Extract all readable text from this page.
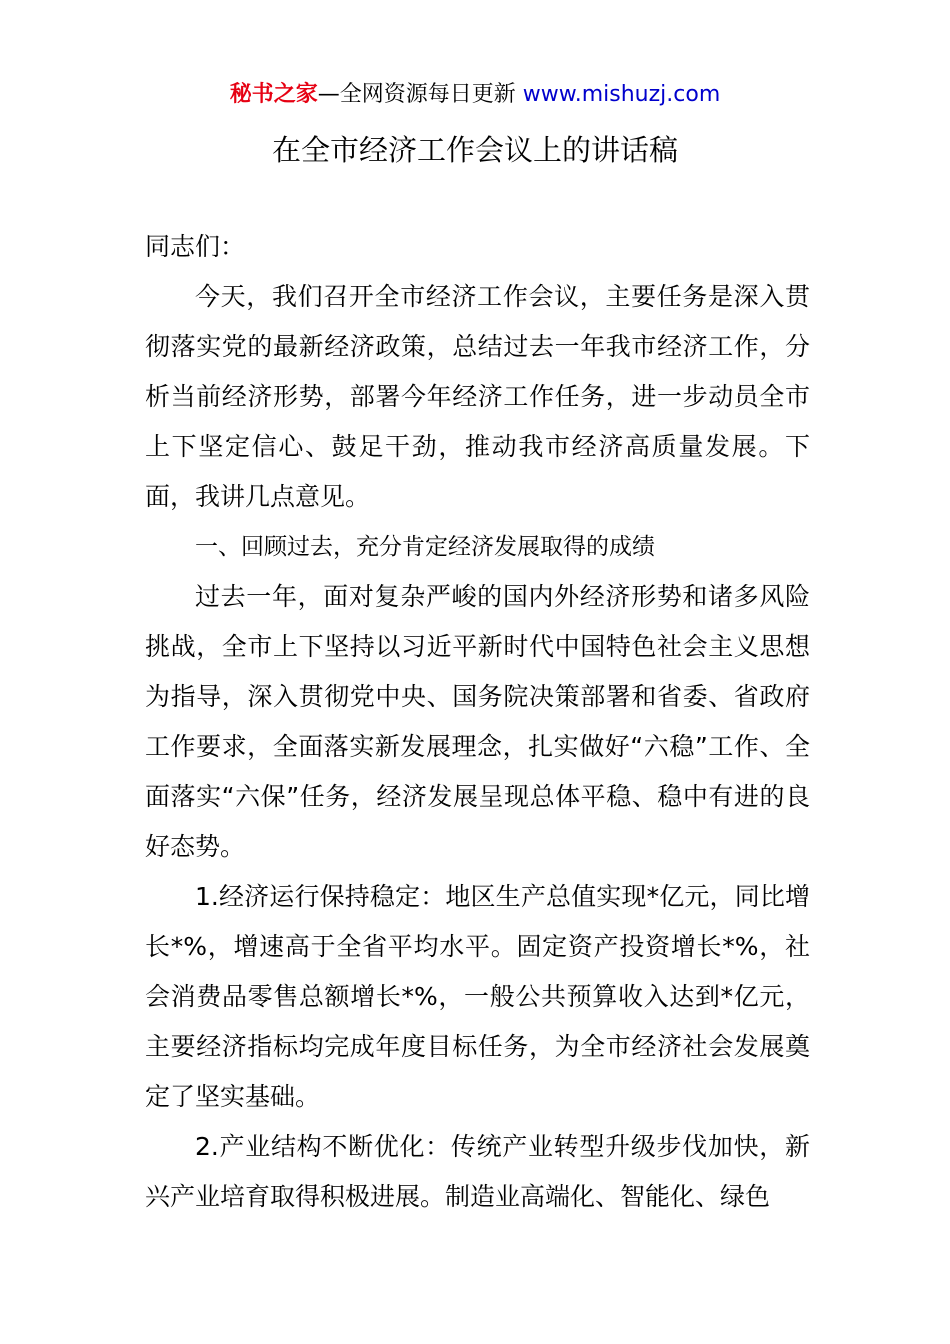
秘书之家—全网资源每日更新 www.mishuzj.com
在全市经济工作会议上的讲话稿

同志们：

今天，我们召开全市经济工作会议，主要任务是深入贯彻落实党的最新经济政策，总结过去一年我市经济工作，分析当前经济形势，部署今年经济工作任务，进一步动员全市上下坚定信心、鼓足干劲，推动我市经济高质量发展。下面，我讲几点意见。

一、回顾过去，充分肯定经济发展取得的成绩

过去一年，面对复杂严峻的国内外经济形势和诸多风险挑战，全市上下坚持以习近平新时代中国特色社会主义思想为指导，深入贯彻党中央、国务院决策部署和省委、省政府工作要求，全面落实新发展理念，扎实做好“六稳”工作、全面落实“六保”任务，经济发展呈现总体平稳、稳中有进的良好态势。

1.经济运行保持稳定：地区生产总值实现*亿元，同比增长*%，增速高于全省平均水平。固定资产投资增长*%，社会消费品零售总额增长*%，一般公共预算收入达到*亿元，主要经济指标均完成年度目标任务，为全市经济社会发展奠定了坚实基础。

2.产业结构不断优化：传统产业转型升级步伐加快，新兴产业培育取得积极进展。制造业高端化、智能化、绿色
